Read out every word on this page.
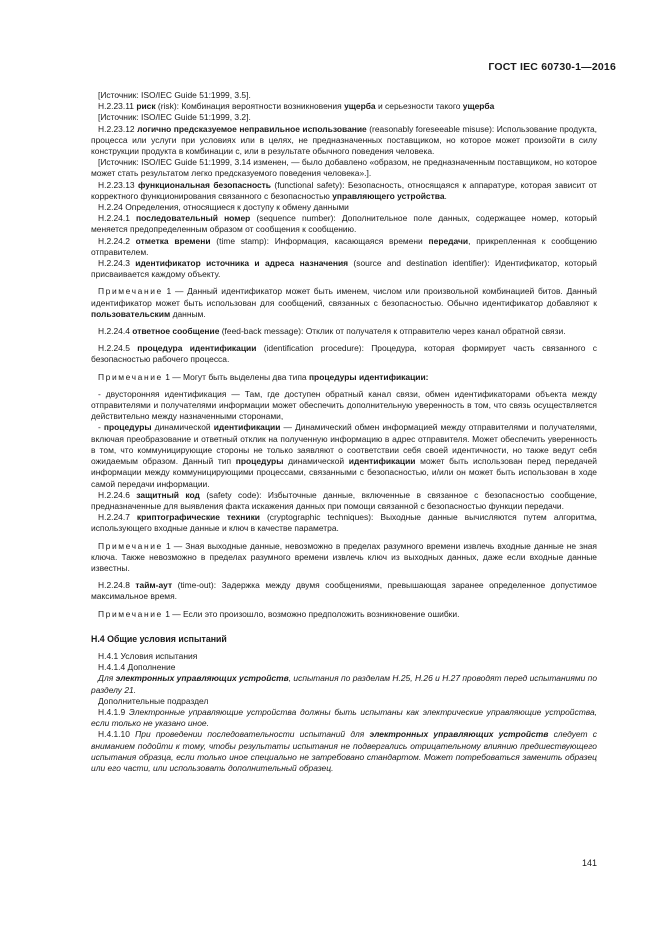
ГОСТ IEC 60730-1—2016

[Источник: ISO/IEC Guide 51:1999, 3.5].

H.2.23.11 риск (risk): Комбинация вероятности возникновения ущерба и серьезности такого ущерба

[Источник: ISO/IEC Guide 51:1999, 3.2].

H.2.23.12 логично предсказуемое неправильное использование (reasonably foreseeable misuse): Использование продукта, процесса или услуги при условиях или в целях, не предназначенных поставщиком, но которое может произойти в силу конструкции продукта в комбинации с, или в результате обычного поведения человека.

[Источник: ISO/IEC Guide 51:1999, 3.14 изменен, — было добавлено «образом, не предназначенным поставщиком, но которое может стать результатом легко предсказуемого поведения человека».].

H.2.23.13 функциональная безопасность (functional safety): Безопасность, относящаяся к аппаратуре, которая зависит от корректного функционирования связанного с безопасностью управляющего устройства.

H.2.24 Определения, относящиеся к доступу к обмену данными

H.2.24.1 последовательный номер (sequence number): Дополнительное поле данных, содержащее номер, который меняется предопределенным образом от сообщения к сообщению.

H.2.24.2 отметка времени (time stamp): Информация, касающаяся времени передачи, прикрепленная к сообщению отправителем.

H.2.24.3 идентификатор источника и адреса назначения (source and destination identifier): Идентификатор, который присваивается каждому объекту.

Примечание 1 — Данный идентификатор может быть именем, числом или произвольной комбинацией битов. Данный идентификатор может быть использован для сообщений, связанных с безопасностью. Обычно идентификатор добавляют к пользовательским данным.

H.2.24.4 ответное сообщение (feed-back message): Отклик от получателя к отправителю через канал обратной связи.

H.2.24.5 процедура идентификации (identification procedure): Процедура, которая формирует часть связанного с безопасностью рабочего процесса.

Примечание 1 — Могут быть выделены два типа процедуры идентификации:

- двусторонняя идентификация — Там, где доступен обратный канал связи, обмен идентификаторами объекта между отправителями и получателями информации может обеспечить дополнительную уверенность в том, что связь осуществляется действительно между назначенными сторонами,

- процедуры динамической идентификации — Динамический обмен информацией между отправителями и получателями, включая преобразование и ответный отклик на полученную информацию в адрес отправителя. Может обеспечить уверенность в том, что коммуницирующие стороны не только заявляют о соответствии себя своей идентичности, но также ведут себя ожидаемым образом. Данный тип процедуры динамической идентификации может быть использован перед передачей информации между коммуницирующими процессами, связанными с безопасностью, и/или он может быть использован в ходе самой передачи информации.

H.2.24.6 защитный код (safety code): Избыточные данные, включенные в связанное с безопасностью сообщение, предназначенные для выявления факта искажения данных при помощи связанной с безопасностью функции передачи.

H.2.24.7 криптографические техники (cryptographic techniques): Выходные данные вычисляются путем алгоритма, использующего входные данные и ключ в качестве параметра.

Примечание 1 — Зная выходные данные, невозможно в пределах разумного времени извлечь входные данные не зная ключа. Также невозможно в пределах разумного времени извлечь ключ из выходных данных, даже если входные данные известны.

H.2.24.8 тайм-аут (time-out): Задержка между двумя сообщениями, превышающая заранее определенное допустимое максимальное время.

Примечание 1 — Если это произошло, возможно предположить возникновение ошибки.

H.4 Общие условия испытаний

H.4.1 Условия испытания

H.4.1.4 Дополнение

Для электронных управляющих устройств, испытания по разделам H.25, H.26 и H.27 проводят перед испытаниями по разделу 21.

Дополнительные подраздел

H.4.1.9 Электронные управляющие устройства должны быть испытаны как электрические управляющие устройства, если только не указано иное.

H.4.1.10 При проведении последовательности испытаний для электронных управляющих устройств следует с вниманием подойти к тому, чтобы результаты испытания не подвергались отрицательному влиянию предшествующего испытания образца, если только иное специально не затребовано стандартом. Может потребоваться заменить образец или его части, или использовать дополнительный образец.

141
